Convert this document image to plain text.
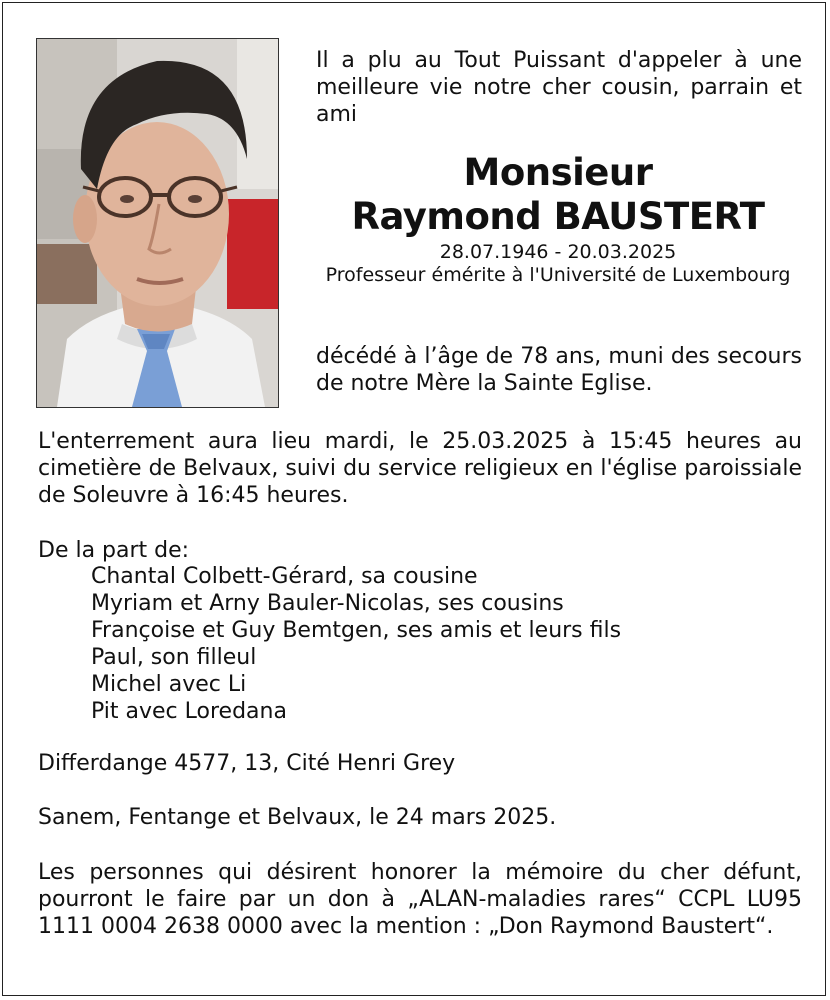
Il a plu au Tout Puissant d'appeler à une meilleure vie notre cher cousin, parrain et ami

Monsieur

Raymond BAUSTERT

28.07.1946 - 20.03.2025

Professeur émérite à l'Université de Luxembourg

décédé à l’âge de 78 ans, muni des secours de notre Mère la Sainte Eglise.

L'enterrement aura lieu mardi, le 25.03.2025 à 15:45 heures au cimetière de Belvaux, suivi du service religieux en l'église paroissiale de Soleuvre à 16:45 heures.

De la part de:

Chantal Colbett-Gérard, sa cousine
Myriam et Arny Bauler-Nicolas, ses cousins
Françoise et Guy Bemtgen, ses amis et leurs fils
Paul, son filleul
Michel avec Li
Pit avec Loredana

Differdange 4577, 13, Cité Henri Grey

Sanem, Fentange et Belvaux, le 24 mars 2025.

Les personnes qui désirent honorer la mémoire du cher défunt, pourront le faire par un don à „ALAN-maladies rares“ CCPL LU95 1111 0004 2638 0000 avec la mention : „Don Raymond Baustert“.
